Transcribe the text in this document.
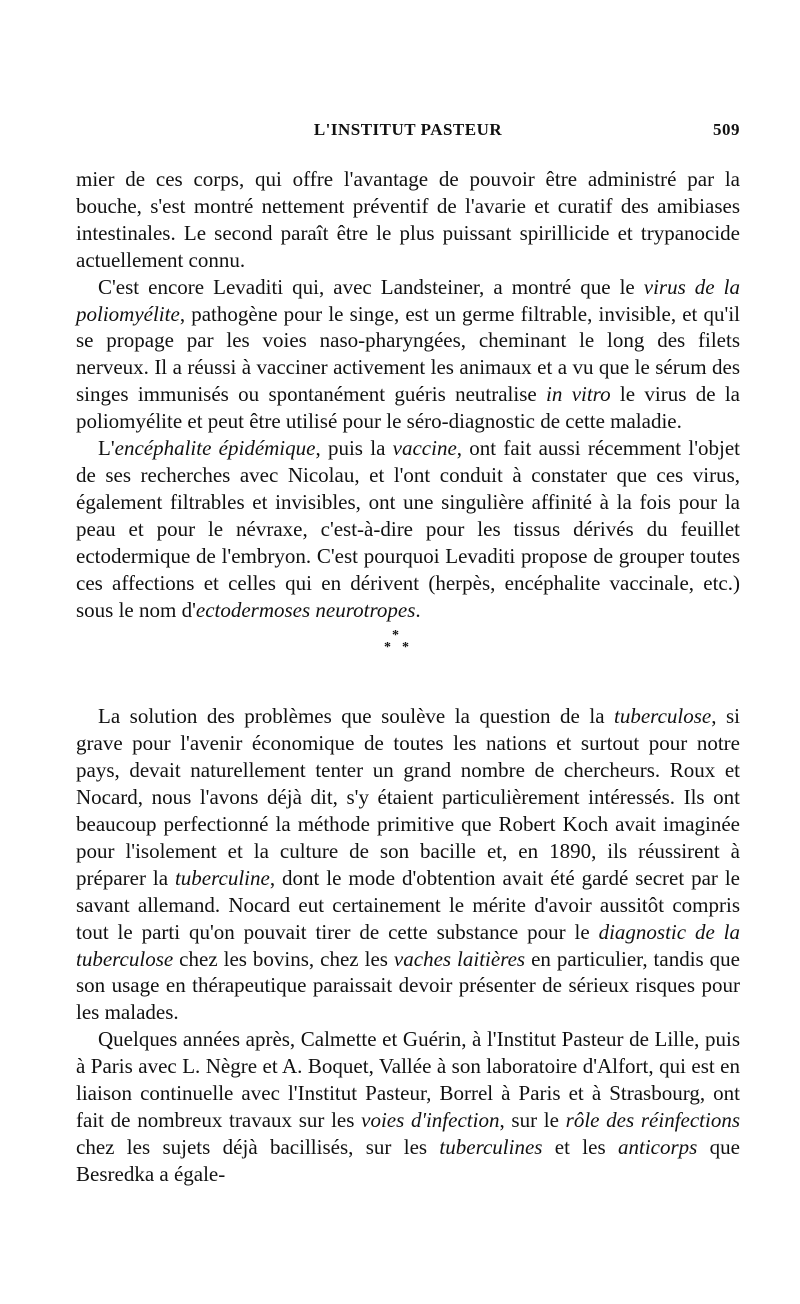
L'INSTITUT PASTEUR	509

mier de ces corps, qui offre l'avantage de pouvoir être administré par la bouche, s'est montré nettement préventif de l'avarie et curatif des amibiases intestinales. Le second paraît être le plus puissant spirillicide et trypanocide actuellement connu.

C'est encore Levaditi qui, avec Landsteiner, a montré que le virus de la poliomyélite, pathogène pour le singe, est un germe filtrable, invisible, et qu'il se propage par les voies naso-pharyngées, cheminant le long des filets nerveux. Il a réussi à vacciner activement les animaux et a vu que le sérum des singes immunisés ou spontanément guéris neutralise in vitro le virus de la poliomyélite et peut être utilisé pour le séro-diagnostic de cette maladie.

L'encéphalite épidémique, puis la vaccine, ont fait aussi récemment l'objet de ses recherches avec Nicolau, et l'ont conduit à constater que ces virus, également filtrables et invisibles, ont une singulière affinité à la fois pour la peau et pour le névraxe, c'est-à-dire pour les tissus dérivés du feuillet ectodermique de l'embryon. C'est pourquoi Levaditi propose de grouper toutes ces affections et celles qui en dérivent (herpès, encéphalite vaccinale, etc.) sous le nom d'ectodermoses neurotropes.

*
* *

La solution des problèmes que soulève la question de la tuberculose, si grave pour l'avenir économique de toutes les nations et surtout pour notre pays, devait naturellement tenter un grand nombre de chercheurs. Roux et Nocard, nous l'avons déjà dit, s'y étaient particulièrement intéressés. Ils ont beaucoup perfectionné la méthode primitive que Robert Koch avait imaginée pour l'isolement et la culture de son bacille et, en 1890, ils réussirent à préparer la tuberculine, dont le mode d'obtention avait été gardé secret par le savant allemand. Nocard eut certainement le mérite d'avoir aussitôt compris tout le parti qu'on pouvait tirer de cette substance pour le diagnostic de la tuberculose chez les bovins, chez les vaches laitières en particulier, tandis que son usage en thérapeutique paraissait devoir présenter de sérieux risques pour les malades.

Quelques années après, Calmette et Guérin, à l'Institut Pasteur de Lille, puis à Paris avec L. Nègre et A. Boquet, Vallée à son laboratoire d'Alfort, qui est en liaison continuelle avec l'Institut Pasteur, Borrel à Paris et à Strasbourg, ont fait de nombreux travaux sur les voies d'infection, sur le rôle des réinfections chez les sujets déjà bacillisés, sur les tuberculines et les anticorps que Besredka a égale-
